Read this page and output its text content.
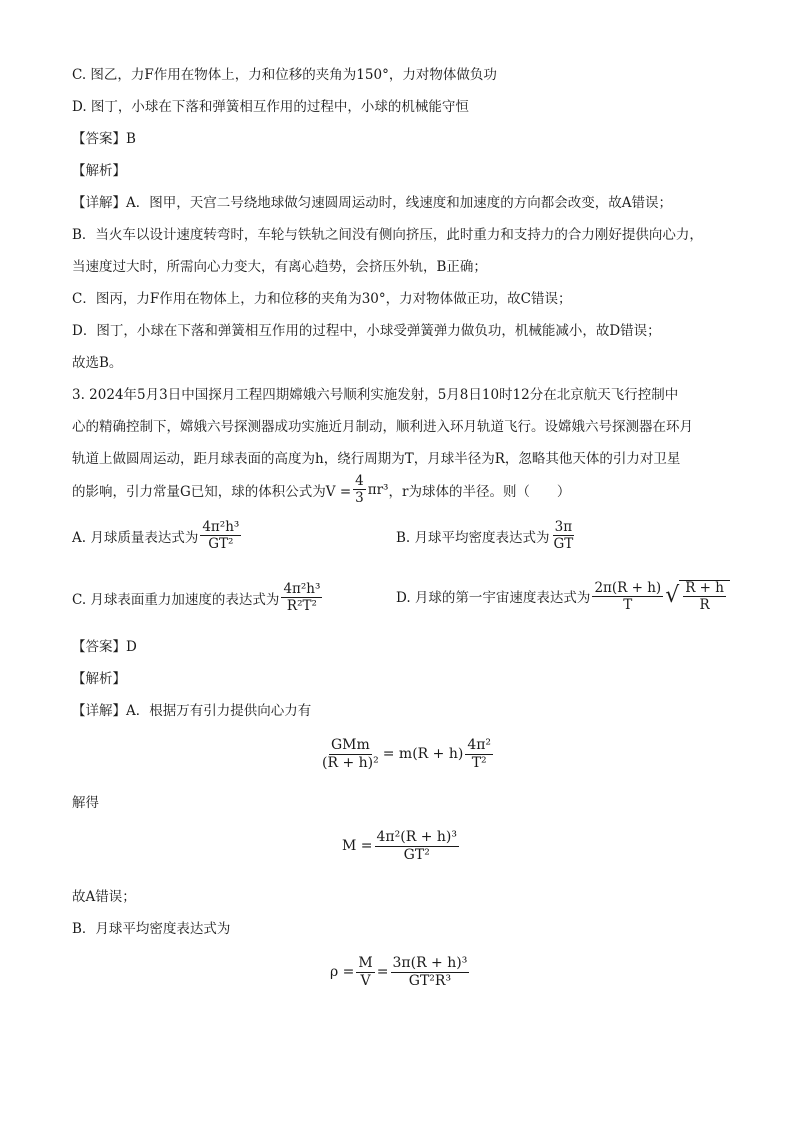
C. 图乙，力F作用在物体上，力和位移的夹角为150°，力对物体做负功
D. 图丁，小球在下落和弹簧相互作用的过程中，小球的机械能守恒
【答案】B
【解析】
【详解】A．图甲，天宫二号绕地球做匀速圆周运动时，线速度和加速度的方向都会改变，故A错误；
B．当火车以设计速度转弯时，车轮与铁轨之间没有侧向挤压，此时重力和支持力的合力刚好提供向心力，
当速度过大时，所需向心力变大，有离心趋势，会挤压外轨，B正确；
C．图丙，力F作用在物体上，力和位移的夹角为30°，力对物体做正功，故C错误；
D．图丁，小球在下落和弹簧相互作用的过程中，小球受弹簧弹力做负功，机械能减小，故D错误；
故选B。
3. 2024年5月3日中国探月工程四期嫦娥六号顺利实施发射，5月8日10时12分在北京航天飞行控制中
心的精确控制下，嫦娥六号探测器成功实施近月制动，顺利进入环月轨道飞行。设嫦娥六号探测器在环月
轨道上做圆周运动，距月球表面的高度为h，绕行周期为T，月球半径为R，忽略其他天体的引力对卫星
的影响，引力常量G已知，球的体积公式为$V = \frac{4}{3} \pi r^3$ ，r为球体的半径。则（　　）
A. 月球质量表达式为 $\frac{\text{4π²h³}}{\text{GT²}}$	B. 月球平均密度表达式为 $\frac{3\pi}{GT}$
C. 月球表面重力加速度的表达式为 $\frac{\text{4π²h³}}{\text{R²T²}}$	D. 月球的第一宇宙速度表达式为 $\frac{2\pi(R + h)}{T}$ √ $\frac{R + h}{R}$
【答案】D
【解析】
【详解】A．根据万有引力提供向心力有
$\frac{\text{GMm}}{\text{(R + h)²}} = m(R + h) \frac{\text{4π²}}{\text{T²}}$
解得
$M = \frac{\text{4π²(R + h)³}}{\text{GT²}}$
故A错误；
B．月球平均密度表达式为
$\rho = \frac{M}{V} = \frac{\text{3π(R + h)³}}{\text{GT²R³}}$
